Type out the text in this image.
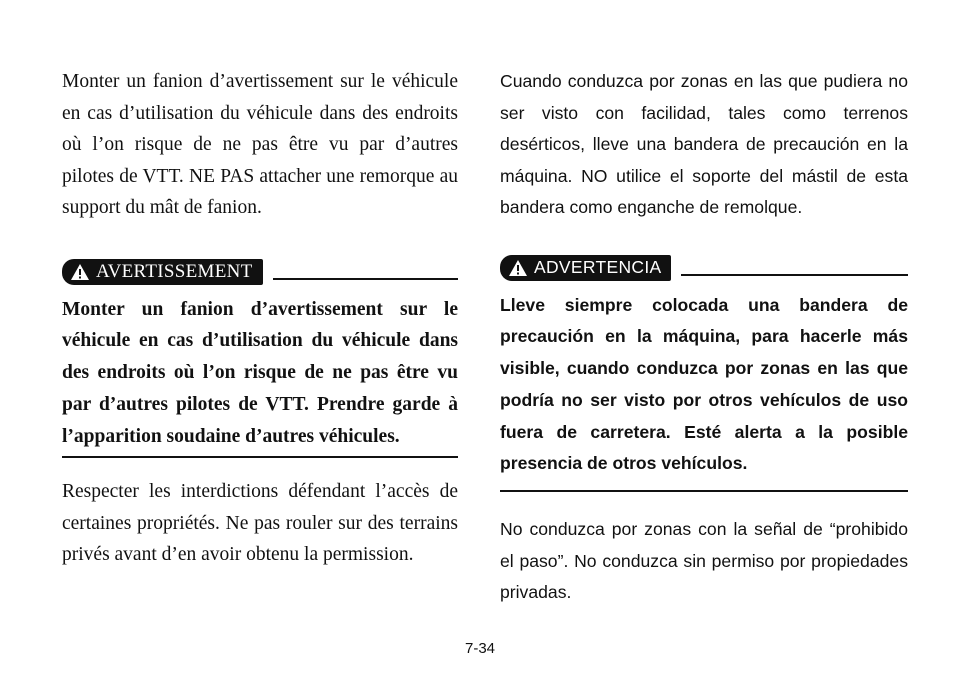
Monter un fanion d’avertissement sur le véhicule en cas d’utilisation du véhicule dans des endroits où l’on risque de ne pas être vu par d’autres pilotes de VTT. NE PAS attacher une remorque au support du mât de fanion.

AVERTISSEMENT

Monter un fanion d’avertissement sur le véhicule en cas d’utilisation du véhicule dans des endroits où l’on risque de ne pas être vu par d’autres pilotes de VTT. Prendre garde à l’apparition soudaine d’autres véhicules.

Respecter les interdictions défendant l’accès de certaines propriétés. Ne pas rouler sur des terrains privés avant d’en avoir obtenu la permission.

Cuando conduzca por zonas en las que pudiera no ser visto con facilidad, tales como terrenos desérticos, lleve una bandera de precaución en la máquina. NO utilice el soporte del mástil de esta bandera como enganche de remolque.

ADVERTENCIA

Lleve siempre colocada una bandera de precaución en la máquina, para hacerle más visible, cuando conduzca por zonas en las que podría no ser visto por otros vehículos de uso fuera de carretera. Esté alerta a la posible presencia de otros vehículos.

No conduzca por zonas con la señal de “prohibido el paso”. No conduzca sin permiso por propiedades privadas.

7-34
